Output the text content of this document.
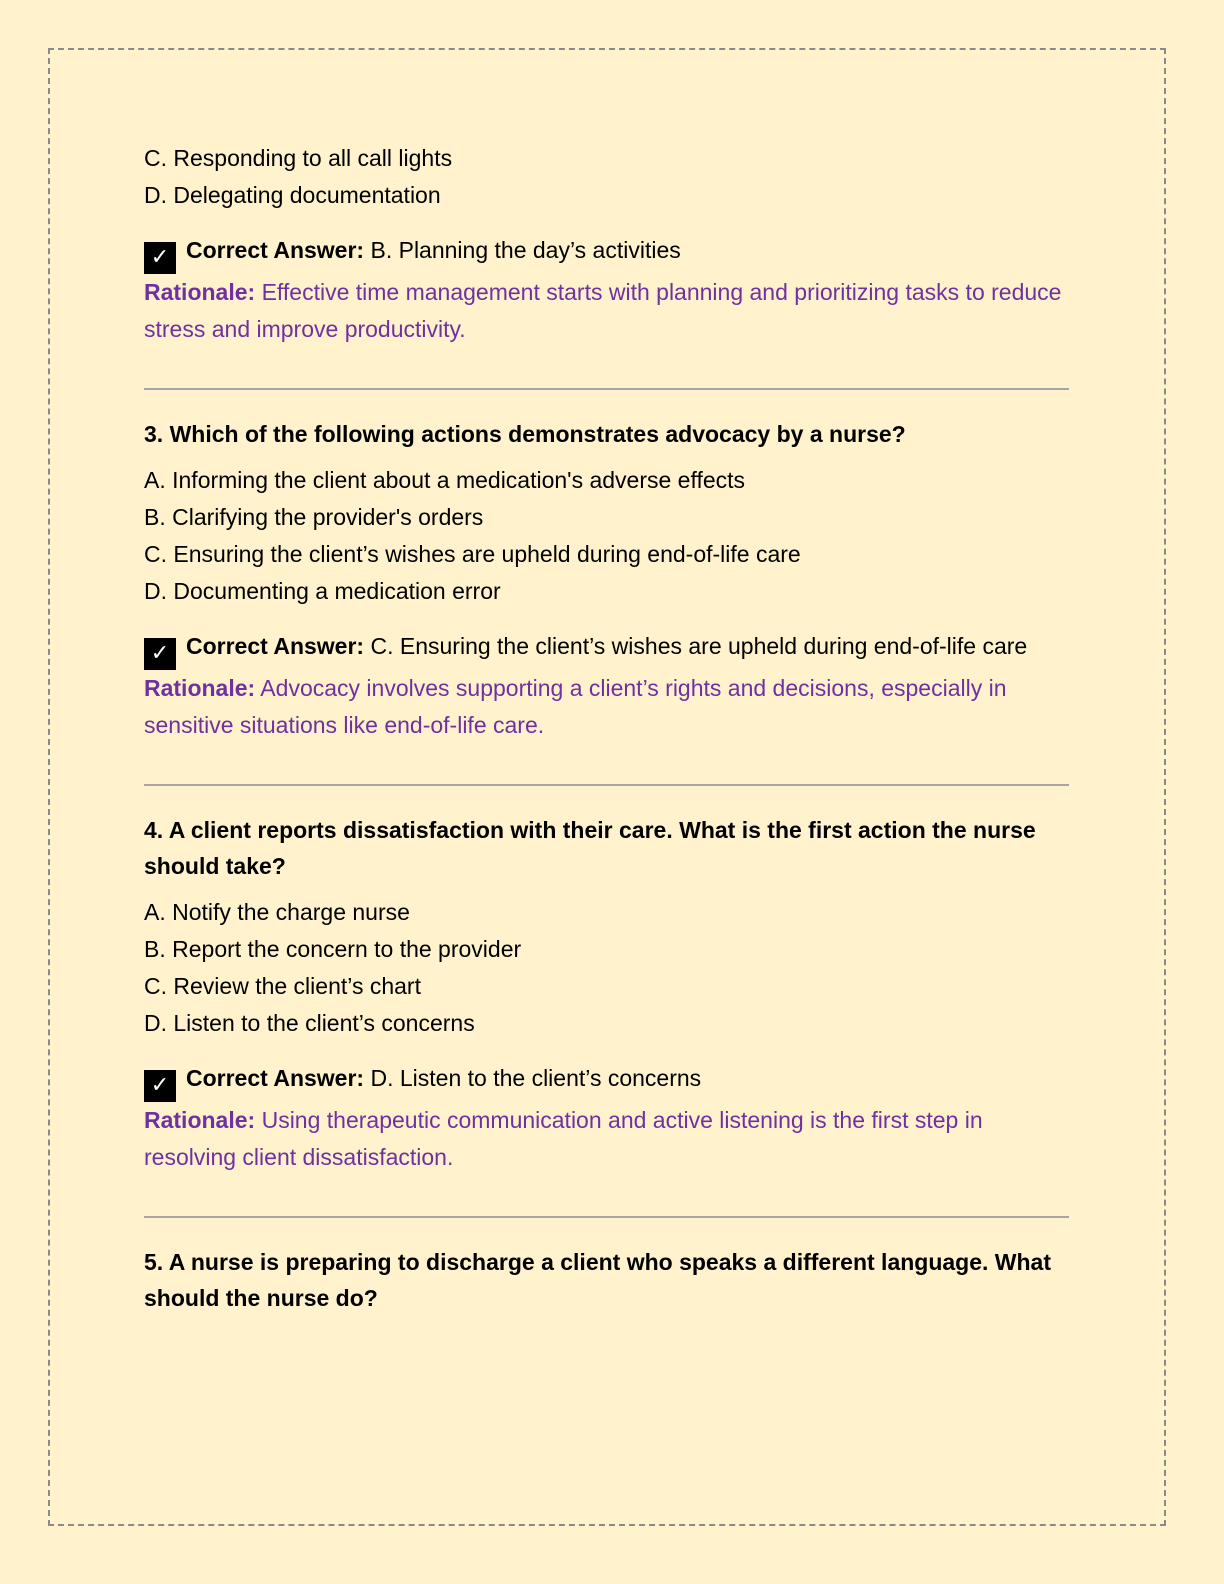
C. Responding to all call lights

D. Delegating documentation

✓ Correct Answer: B. Planning the day’s activities

Rationale: Effective time management starts with planning and prioritizing tasks to reduce stress and improve productivity.

3. Which of the following actions demonstrates advocacy by a nurse?

A. Informing the client about a medication's adverse effects

B. Clarifying the provider's orders

C. Ensuring the client’s wishes are upheld during end-of-life care

D. Documenting a medication error

✓ Correct Answer: C. Ensuring the client’s wishes are upheld during end-of-life care

Rationale: Advocacy involves supporting a client’s rights and decisions, especially in sensitive situations like end-of-life care.

4. A client reports dissatisfaction with their care. What is the first action the nurse should take?

A. Notify the charge nurse

B. Report the concern to the provider

C. Review the client’s chart

D. Listen to the client’s concerns

✓ Correct Answer: D. Listen to the client’s concerns

Rationale: Using therapeutic communication and active listening is the first step in resolving client dissatisfaction.

5. A nurse is preparing to discharge a client who speaks a different language. What should the nurse do?
